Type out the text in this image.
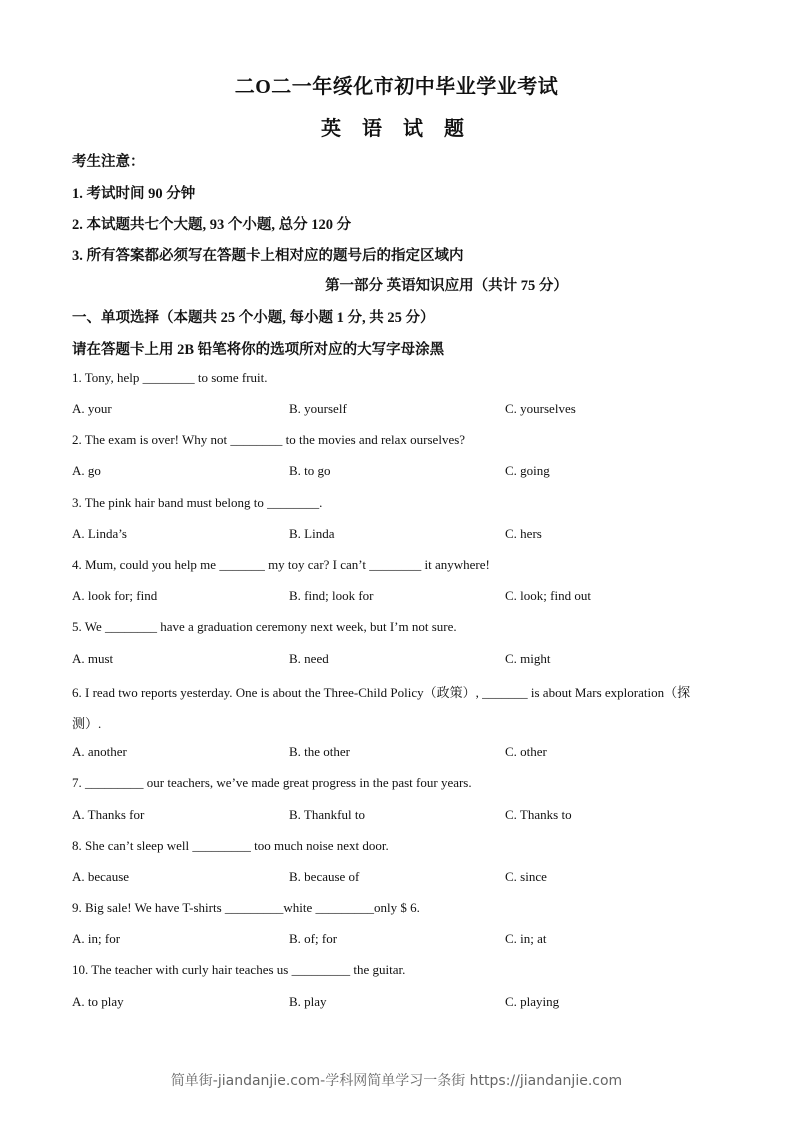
二O二一年绥化市初中毕业学业考试
英 语 试 题
考生注意：
1. 考试时间 90 分钟
2. 本试题共七个大题, 93 个小题, 总分 120 分
3. 所有答案都必须写在答题卡上相对应的题号后的指定区域内
第一部分 英语知识应用（共计 75 分）
一、单项选择（本题共 25 个小题, 每小题 1 分, 共 25 分）
请在答题卡上用 2B 铅笔将你的选项所对应的大写字母涂黑
1. Tony, help ________ to some fruit.
A. your	B. yourself	C. yourselves
2. The exam is over! Why not ________ to the movies and relax ourselves?
A. go	B. to go	C. going
3. The pink hair band must belong to ________.
A. Linda’s	B. Linda	C. hers
4. Mum, could you help me _______ my toy car? I can’t ________ it anywhere!
A. look for; find	B. find; look for	C. look; find out
5. We ________ have a graduation ceremony next week, but I’m not sure.
A. must	B. need	C. might
6. I read two reports yesterday. One is about the Three-Child Policy（政策）, _______ is about Mars exploration（探
测）.
A. another	B. the other	C. other
7. _________ our teachers, we’ve made great progress in the past four years.
A. Thanks for	B. Thankful to	C. Thanks to
8. She can’t sleep well _________ too much noise next door.
A. because	B. because of	C. since
9. Big sale! We have T-shirts _________white _________only $ 6.
A. in; for	B. of; for	C. in; at
10. The teacher with curly hair teaches us _________ the guitar.
A. to play	B. play	C. playing
简单街-jiandanjie.com-学科网简单学习一条街 https://jiandanjie.com
